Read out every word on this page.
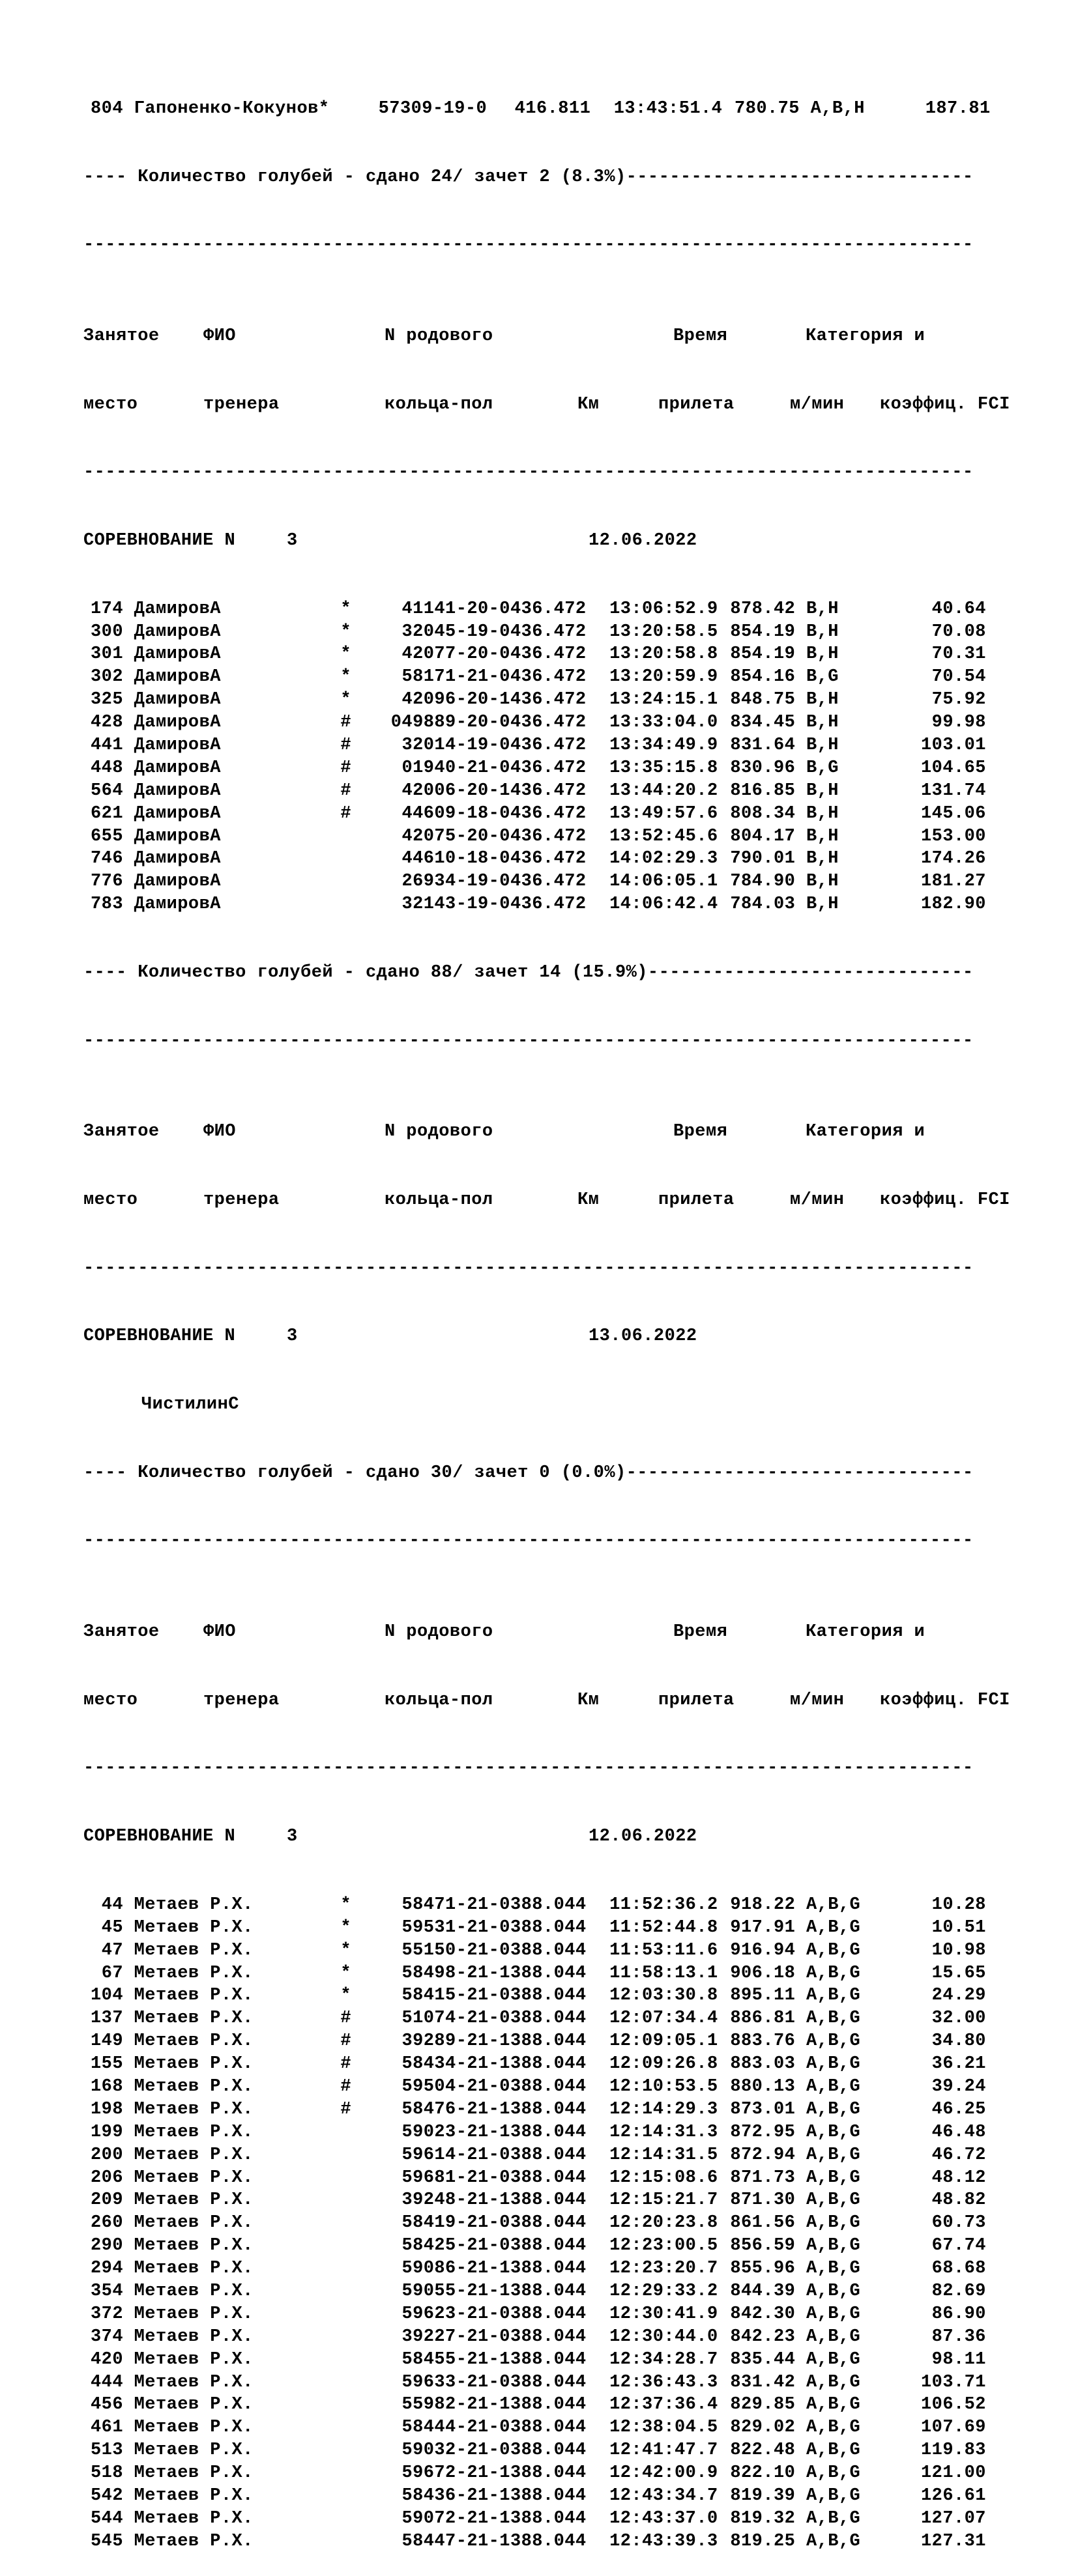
804 Гапоненко-Кокунов*	57309-19-0 416.811 13:43:51.4 780.75 A,B,H	187.81

---- Количество голубей - сдано 24/ зачет 2 (8.3%)--------------------------------

----------------------------------------------------------------------------------

Занятое ФИО	N родового	Время	Категория и

место	тренера	кольца-пол	Км	прилета	м/мин коэффиц. FCI

----------------------------------------------------------------------------------

СОРЕВНОВАНИЕ N	3	12.06.2022

174 ДамировА	*	41141-20-0436.472 13:06:52.9 878.42 B,H	40.64
300 ДамировА	*	32045-19-0436.472 13:20:58.5 854.19 B,H	70.08
301 ДамировА	*	42077-20-0436.472 13:20:58.8 854.19 B,H	70.31
302 ДамировА	*	58171-21-0436.472 13:20:59.9 854.16 B,G	70.54
325 ДамировА	*	42096-20-1436.472 13:24:15.1 848.75 B,H	75.92
428 ДамировА	# 049889-20-0436.472 13:33:04.0 834.45 B,H	99.98
441 ДамировА	#	32014-19-0436.472 13:34:49.9 831.64 B,H	103.01
448 ДамировА	#	01940-21-0436.472 13:35:15.8 830.96 B,G	104.65
564 ДамировА	#	42006-20-1436.472 13:44:20.2 816.85 B,H	131.74
621 ДамировА	#	44609-18-0436.472 13:49:57.6 808.34 B,H	145.06
655 ДамировА	42075-20-0436.472 13:52:45.6 804.17 B,H	153.00
746 ДамировА	44610-18-0436.472 14:02:29.3 790.01 B,H	174.26
776 ДамировА	26934-19-0436.472 14:06:05.1 784.90 B,H	181.27
783 ДамировА	32143-19-0436.472 14:06:42.4 784.03 B,H	182.90

---- Количество голубей - сдано 88/ зачет 14 (15.9%)------------------------------

----------------------------------------------------------------------------------

Занятое ФИО	N родового	Время	Категория и

место	тренера	кольца-пол	Км	прилета	м/мин коэффиц. FCI

----------------------------------------------------------------------------------

СОРЕВНОВАНИЕ N	3	13.06.2022

ЧистилинС

---- Количество голубей - сдано 30/ зачет 0 (0.0%)--------------------------------

----------------------------------------------------------------------------------

Занятое ФИО	N родового	Время	Категория и

место	тренера	кольца-пол	Км	прилета	м/мин коэффиц. FCI

----------------------------------------------------------------------------------

СОРЕВНОВАНИЕ N	3	12.06.2022

44 Метаев Р.Х.	*	58471-21-0388.044 11:52:36.2 918.22 A,B,G	10.28
45 Метаев Р.Х.	*	59531-21-0388.044 11:52:44.8 917.91 A,B,G	10.51
47 Метаев Р.Х.	*	55150-21-0388.044 11:53:11.6 916.94 A,B,G	10.98
67 Метаев Р.Х.	*	58498-21-1388.044 11:58:13.1 906.18 A,B,G	15.65
104 Метаев Р.Х.	*	58415-21-0388.044 12:03:30.8 895.11 A,B,G	24.29
137 Метаев Р.Х.	#	51074-21-0388.044 12:07:34.4 886.81 A,B,G	32.00
149 Метаев Р.Х.	#	39289-21-1388.044 12:09:05.1 883.76 A,B,G	34.80
155 Метаев Р.Х.	#	58434-21-1388.044 12:09:26.8 883.03 A,B,G	36.21
168 Метаев Р.Х.	#	59504-21-0388.044 12:10:53.5 880.13 A,B,G	39.24
198 Метаев Р.Х.	#	58476-21-1388.044 12:14:29.3 873.01 A,B,G	46.25
199 Метаев Р.Х.	59023-21-1388.044 12:14:31.3 872.95 A,B,G	46.48
200 Метаев Р.Х.	59614-21-0388.044 12:14:31.5 872.94 A,B,G	46.72
206 Метаев Р.Х.	59681-21-0388.044 12:15:08.6 871.73 A,B,G	48.12
209 Метаев Р.Х.	39248-21-1388.044 12:15:21.7 871.30 A,B,G	48.82
260 Метаев Р.Х.	58419-21-0388.044 12:20:23.8 861.56 A,B,G	60.73
290 Метаев Р.Х.	58425-21-0388.044 12:23:00.5 856.59 A,B,G	67.74
294 Метаев Р.Х.	59086-21-1388.044 12:23:20.7 855.96 A,B,G	68.68
354 Метаев Р.Х.	59055-21-1388.044 12:29:33.2 844.39 A,B,G	82.69
372 Метаев Р.Х.	59623-21-0388.044 12:30:41.9 842.30 A,B,G	86.90
374 Метаев Р.Х.	39227-21-0388.044 12:30:44.0 842.23 A,B,G	87.36
420 Метаев Р.Х.	58455-21-1388.044 12:34:28.7 835.44 A,B,G	98.11
444 Метаев Р.Х.	59633-21-0388.044 12:36:43.3 831.42 A,B,G	103.71
456 Метаев Р.Х.	55982-21-1388.044 12:37:36.4 829.85 A,B,G	106.52
461 Метаев Р.Х.	58444-21-0388.044 12:38:04.5 829.02 A,B,G	107.69
513 Метаев Р.Х.	59032-21-0388.044 12:41:47.7 822.48 A,B,G	119.83
518 Метаев Р.Х.	59672-21-1388.044 12:42:00.9 822.10 A,B,G	121.00
542 Метаев Р.Х.	58436-21-1388.044 12:43:34.7 819.39 A,B,G	126.61
544 Метаев Р.Х.	59072-21-1388.044 12:43:37.0 819.32 A,B,G	127.07
545 Метаев Р.Х.	58447-21-1388.044 12:43:39.3 819.25 A,B,G	127.31
